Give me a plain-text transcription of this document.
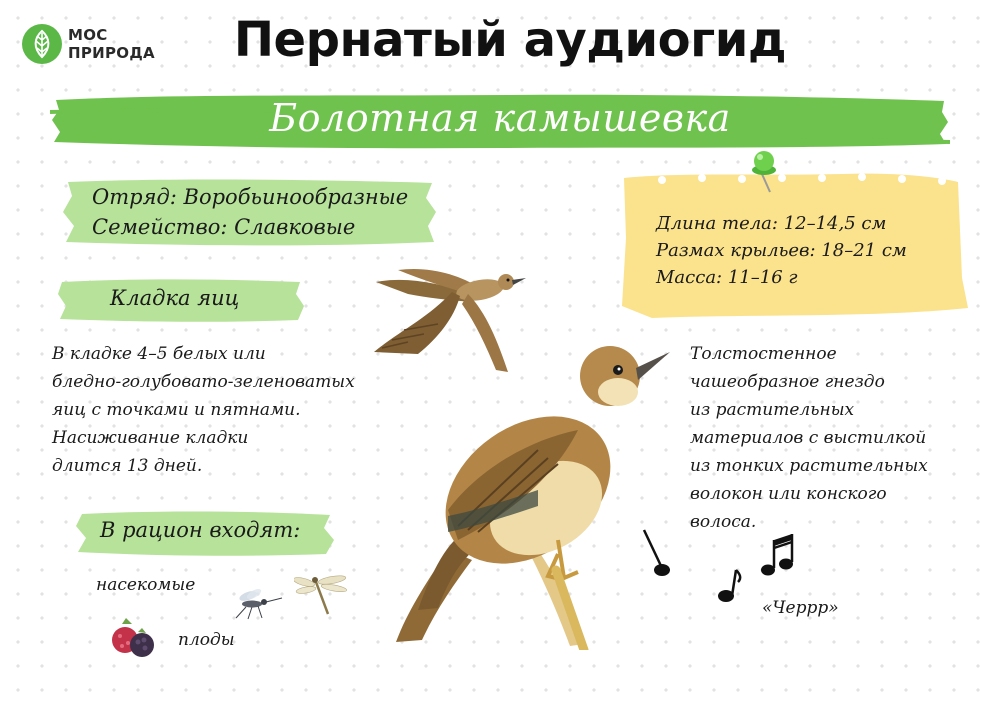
МОС
ПРИРОДА	Пернатый аудиогид
Болотная камышевка
Отряд: Воробьинообразные
Семейство: Славковые
Кладка яиц
В кладке 4–5 белых или
бледно-голубовато-зеленоватых
яиц с точками и пятнами.
Насиживание кладки
длится 13 дней.
В рацион входят:
насекомые
плоды
Длина тела: 12–14,5 см
Размах крыльев: 18–21 см
Масса: 11–16 г
Толстостенное
чашеобразное гнездо
из растительных
материалов с выстилкой
из тонких растительных
волокон или конского
волоса.
«Черрр»
